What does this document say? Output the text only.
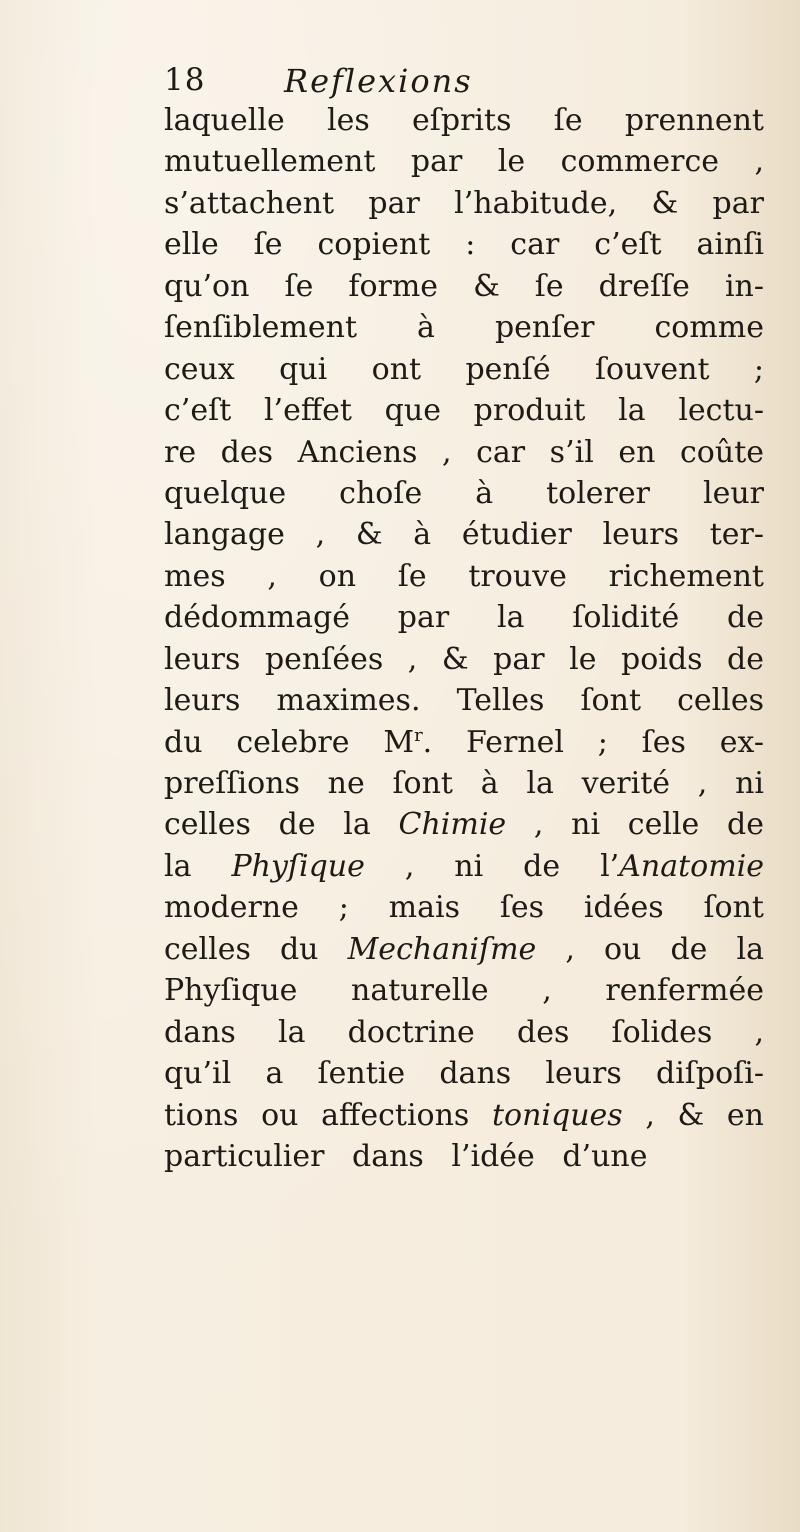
18 Reflexions
laquelle les eſprits ſe prennent
mutuellement par le commerce ,
s’attachent par l’habitude, & par
elle ſe copient : car c’eſt ainſi
qu’on ſe forme & ſe dreſſe in-
ſenſiblement à penſer comme
ceux qui ont penſé ſouvent ;
c’eſt l’effet que produit la lectu-
re des Anciens , car s’il en coûte
quelque choſe à tolerer leur
langage , & à étudier leurs ter-
mes , on ſe trouve richement
dédommagé par la ſolidité de
leurs penſées , & par le poids de
leurs maximes. Telles ſont celles
du celebre $M^r$. Fernel ; ſes ex-
preſſions ne ſont à la verité , ni
celles de la Chimie , ni celle de
la Phyſique , ni de l’Anatomie
moderne ; mais ſes idées ſont
celles du Mechaniſme , ou de la
Phyſique naturelle , renfermée
dans la doctrine des ſolides ,
qu’il a ſentie dans leurs diſpoſi-
tions ou affections toniques , & en
particulier dans l’idée d’une
